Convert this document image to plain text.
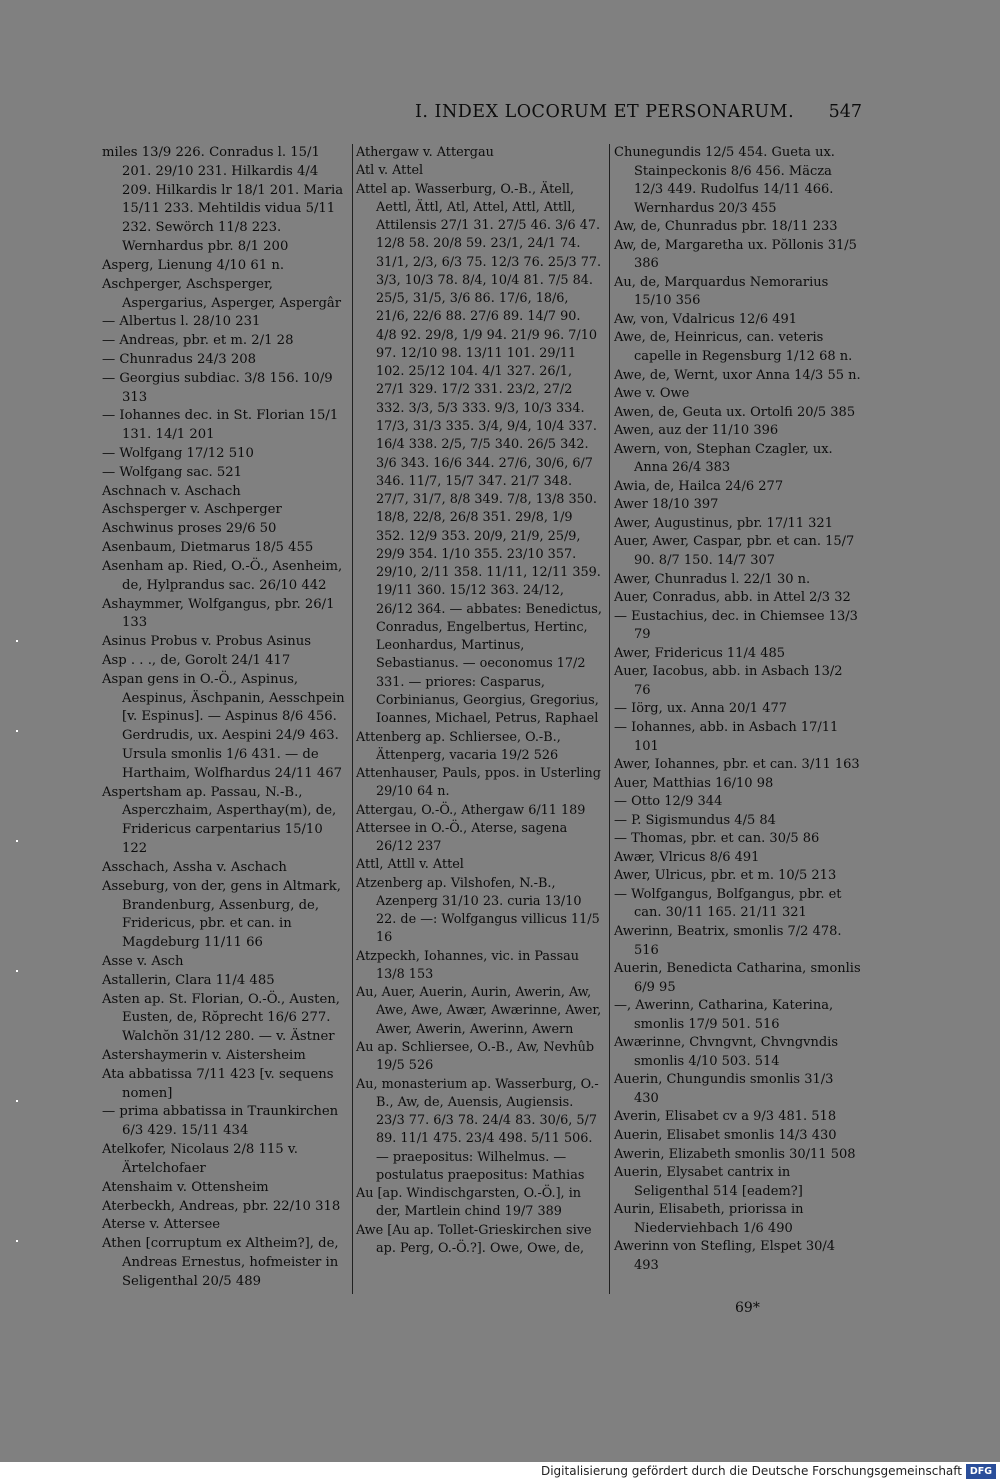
I. INDEX LOCORUM ET PERSONARUM. 547

miles 13/9 226. Conradus l. 15/1 201. 29/10 231. Hilkardis 4/4 209. Hilkardis lr 18/1 201. Maria 15/11 233. Mehtildis vidua 5/11 232. Sewörch 11/8 223. Wernhardus pbr. 8/1 200

Asperg, Lienung 4/10 61 n.

Aschperger, Aschsperger, Aspergarius, Asperger, Aspergâr

— Albertus l. 28/10 231

— Andreas, pbr. et m. 2/1 28

— Chunradus 24/3 208

— Georgius subdiac. 3/8 156. 10/9 313

— Iohannes dec. in St. Florian 15/1 131. 14/1 201

— Wolfgang 17/12 510

— Wolfgang sac. 521

Aschnach v. Aschach

Aschsperger v. Aschperger

Aschwinus proses 29/6 50

Asenbaum, Dietmarus 18/5 455

Asenham ap. Ried, O.-Ö., Asenheim, de, Hylprandus sac. 26/10 442

Ashaymmer, Wolfgangus, pbr. 26/1 133

Asinus Probus v. Probus Asinus

Asp . . ., de, Gorolt 24/1 417

Aspan gens in O.-Ö., Aspinus, Aespinus, Äschpanin, Aesschpein [v. Espinus]. — Aspinus 8/6 456. Gerdrudis, ux. Aespini 24/9 463. Ursula smonlis 1/6 431. — de Harthaim, Wolfhardus 24/11 467

Aspertsham ap. Passau, N.-B., Asperczhaim, Asperthay(m), de, Fridericus carpentarius 15/10 122

Asschach, Assha v. Aschach

Asseburg, von der, gens in Altmark, Brandenburg, Assenburg, de, Fridericus, pbr. et can. in Magdeburg 11/11 66

Asse v. Asch

Astallerin, Clara 11/4 485

Asten ap. St. Florian, O.-Ö., Austen, Eusten, de, Rŏprecht 16/6 277. Walchŏn 31/12 280. — v. Ästner

Astershaymerin v. Aistersheim

Ata abbatissa 7/11 423 [v. sequens nomen]

— prima abbatissa in Traunkirchen 6/3 429. 15/11 434

Atelkofer, Nicolaus 2/8 115 v. Ärtelchofaer

Atenshaim v. Ottensheim

Aterbeckh, Andreas, pbr. 22/10 318

Aterse v. Attersee

Athen [corruptum ex Altheim?], de, Andreas Ernestus, hofmeister in Seligenthal 20/5 489

Athergaw v. Attergau

Atl v. Attel

Attel ap. Wasserburg, O.-B., Ätell, Aettl, Ättl, Atl, Attel, Attl, Attll, Attilensis 27/1 31. 27/5 46. 3/6 47. 12/8 58. 20/8 59. 23/1, 24/1 74. 31/1, 2/3, 6/3 75. 12/3 76. 25/3 77. 3/3, 10/3 78. 8/4, 10/4 81. 7/5 84. 25/5, 31/5, 3/6 86. 17/6, 18/6, 21/6, 22/6 88. 27/6 89. 14/7 90. 4/8 92. 29/8, 1/9 94. 21/9 96. 7/10 97. 12/10 98. 13/11 101. 29/11 102. 25/12 104. 4/1 327. 26/1, 27/1 329. 17/2 331. 23/2, 27/2 332. 3/3, 5/3 333. 9/3, 10/3 334. 17/3, 31/3 335. 3/4, 9/4, 10/4 337. 16/4 338. 2/5, 7/5 340. 26/5 342. 3/6 343. 16/6 344. 27/6, 30/6, 6/7 346. 11/7, 15/7 347. 21/7 348. 27/7, 31/7, 8/8 349. 7/8, 13/8 350. 18/8, 22/8, 26/8 351. 29/8, 1/9 352. 12/9 353. 20/9, 21/9, 25/9, 29/9 354. 1/10 355. 23/10 357. 29/10, 2/11 358. 11/11, 12/11 359. 19/11 360. 15/12 363. 24/12, 26/12 364. — abbates: Benedictus, Conradus, Engelbertus, Hertinc, Leonhardus, Martinus, Sebastianus. — oeconomus 17/2 331. — priores: Casparus, Corbinianus, Georgius, Gregorius, Ioannes, Michael, Petrus, Raphael

Attenberg ap. Schliersee, O.-B., Ättenperg, vacaria 19/2 526

Attenhauser, Pauls, ppos. in Usterling 29/10 64 n.

Attergau, O.-Ö., Athergaw 6/11 189

Attersee in O.-Ö., Aterse, sagena 26/12 237

Attl, Attll v. Attel

Atzenberg ap. Vilshofen, N.-B., Azenperg 31/10 23. curia 13/10 22. de —: Wolfgangus villicus 11/5 16

Atzpeckh, Iohannes, vic. in Passau 13/8 153

Au, Auer, Auerin, Aurin, Awerin, Aw, Awe, Awe, Awær, Awærinne, Awer, Awer, Awerin, Awerinn, Awern

Au ap. Schliersee, O.-B., Aw, Nevhûb 19/5 526

Au, monasterium ap. Wasserburg, O.-B., Aw, de, Auensis, Augiensis. 23/3 77. 6/3 78. 24/4 83. 30/6, 5/7 89. 11/1 475. 23/4 498. 5/11 506. — praepositus: Wilhelmus. — postulatus praepositus: Mathias

Au [ap. Windischgarsten, O.-Ö.], in der, Martlein chind 19/7 389

Awe [Au ap. Tollet-Grieskirchen sive ap. Perg, O.-Ö.?]. Owe, Owe, de,

Chunegundis 12/5 454. Gueta ux. Stainpeckonis 8/6 456. Mäcza 12/3 449. Rudolfus 14/11 466. Wernhardus 20/3 455

Aw, de, Chunradus pbr. 18/11 233

Aw, de, Margaretha ux. Pŏllonis 31/5 386

Au, de, Marquardus Nemorarius 15/10 356

Aw, von, Vdalricus 12/6 491

Awe, de, Heinricus, can. veteris capelle in Regensburg 1/12 68 n.

Awe, de, Wernt, uxor Anna 14/3 55 n.

Awe v. Owe

Awen, de, Geuta ux. Ortolfi 20/5 385

Awen, auz der 11/10 396

Awern, von, Stephan Czagler, ux. Anna 26/4 383

Awia, de, Hailca 24/6 277

Awer 18/10 397

Awer, Augustinus, pbr. 17/11 321

Auer, Awer, Caspar, pbr. et can. 15/7 90. 8/7 150. 14/7 307

Awer, Chunradus l. 22/1 30 n.

Auer, Conradus, abb. in Attel 2/3 32

— Eustachius, dec. in Chiemsee 13/3 79

Awer, Fridericus 11/4 485

Auer, Iacobus, abb. in Asbach 13/2 76

— Iörg, ux. Anna 20/1 477

— Iohannes, abb. in Asbach 17/11 101

Awer, Iohannes, pbr. et can. 3/11 163

Auer, Matthias 16/10 98

— Otto 12/9 344

— P. Sigismundus 4/5 84

— Thomas, pbr. et can. 30/5 86

Awær, Vlricus 8/6 491

Awer, Ulricus, pbr. et m. 10/5 213

— Wolfgangus, Bolfgangus, pbr. et can. 30/11 165. 21/11 321

Awerinn, Beatrix, smonlis 7/2 478. 516

Auerin, Benedicta Catharina, smonlis 6/9 95

—, Awerinn, Catharina, Katerina, smonlis 17/9 501. 516

Awærinne, Chvngvnt, Chvngvndis smonlis 4/10 503. 514

Auerin, Chungundis smonlis 31/3 430

Averin, Elisabet cv a 9/3 481. 518

Auerin, Elisabet smonlis 14/3 430

Awerin, Elizabeth smonlis 30/11 508

Auerin, Elysabet cantrix in Seligenthal 514 [eadem?]

Aurin, Elisabeth, priorissa in Niederviehbach 1/6 490

Awerinn von Stefling, Elspet 30/4 493

69*
Digitalisierung gefördert durch die Deutsche Forschungsgemeinschaft DFG
